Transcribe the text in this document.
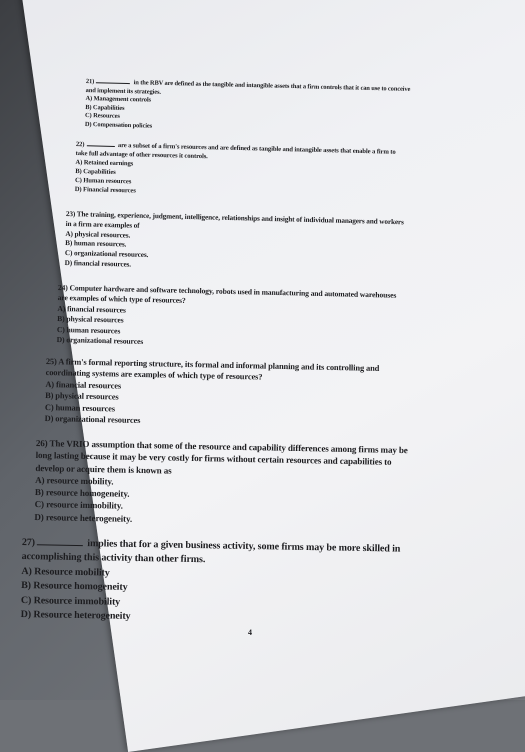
21)	in the RBV are defined as the tangible and intangible assets that a firm controls that it can use to conceive and implement its strategies.
A) Management controls
B) Capabilities
C) Resources
D) Compensation policies
22)	are a subset of a firm's resources and are defined as tangible and intangible assets that enable a firm to take full advantage of other resources it controls.
A) Retained earnings
B) Capabilities
C) Human resources
D) Financial resources
23) The training, experience, judgment, intelligence, relationships and insight of individual managers and workers in a firm are examples of
A) physical resources.
B) human resources.
C) organizational resources.
D) financial resources.
24) Computer hardware and software technology, robots used in manufacturing and automated warehouses are examples of which type of resources?
A) financial resources
B) physical resources
C) human resources
D) organizational resources
25) A firm's formal reporting structure, its formal and informal planning and its controlling and coordinating systems are examples of which type of resources?
A) financial resources
B) physical resources
C) human resources
D) organizational resources
26) The VRIO assumption that some of the resource and capability differences among firms may be long lasting because it may be very costly for firms without certain resources and capabilities to develop or acquire them is known as
A) resource mobility.
B) resource homogeneity.
C) resource immobility.
D) resource heterogeneity.
27)	implies that for a given business activity, some firms may be more skilled in accomplishing this activity than other firms.
A) Resource mobility
B) Resource homogeneity
C) Resource immobility
D) Resource heterogeneity
4
